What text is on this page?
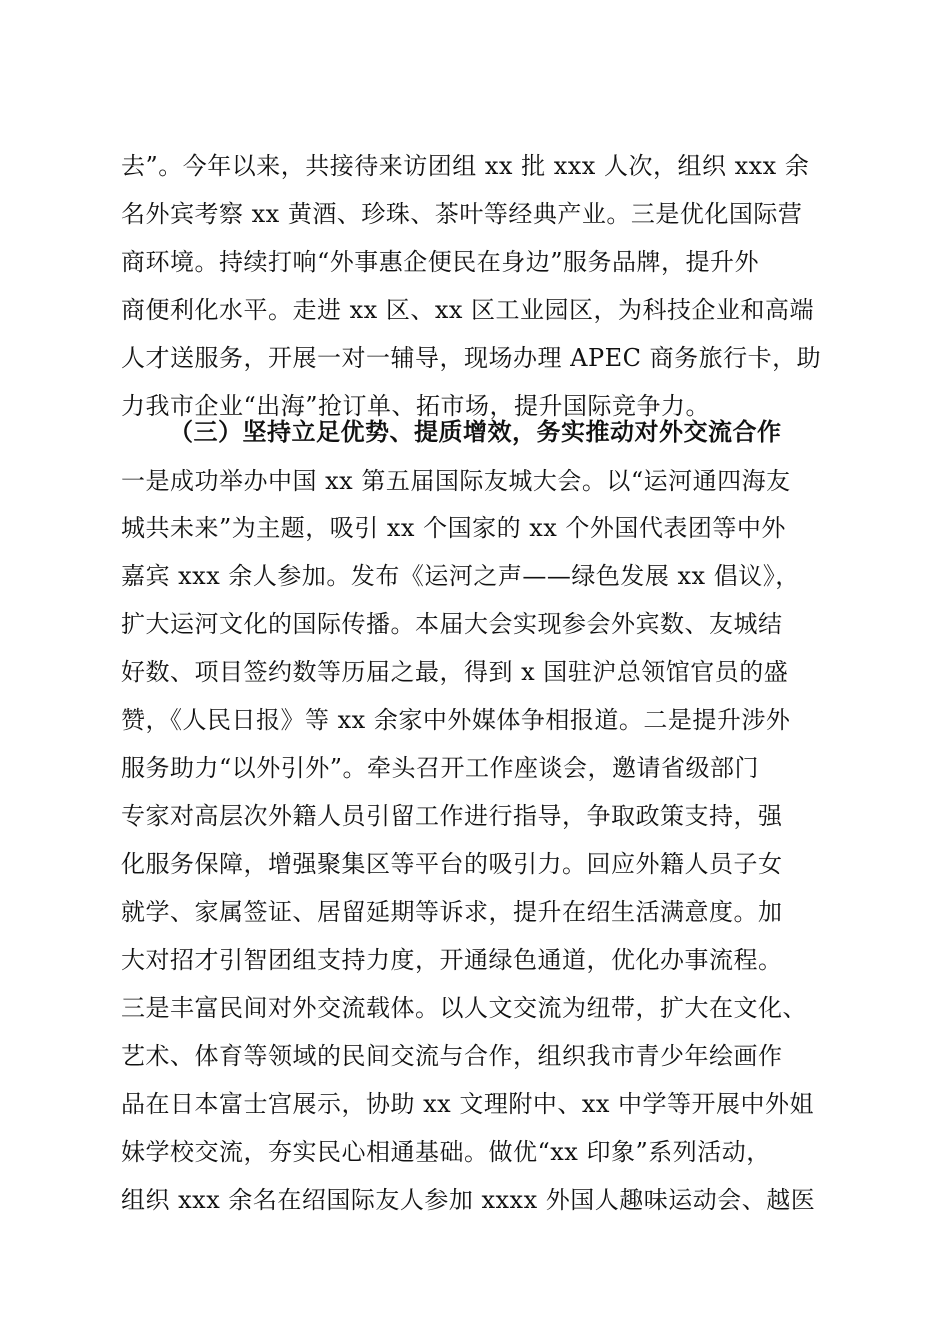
去”。今年以来，共接待来访团组 xx 批 xxx 人次，组织 xxx 余
名外宾考察 xx 黄酒、珍珠、茶叶等经典产业。三是优化国际营
商环境。持续打响“外事惠企便民在身边”服务品牌，提升外
商便利化水平。走进 xx 区、xx 区工业园区，为科技企业和高端
人才送服务，开展一对一辅导，现场办理 APEC 商务旅行卡，助
力我市企业“出海”抢订单、拓市场，提升国际竞争力。
（三）坚持立足优势、提质增效，务实推动对外交流合作
一是成功举办中国 xx 第五届国际友城大会。以“运河通四海友
城共未来”为主题，吸引 xx 个国家的 xx 个外国代表团等中外
嘉宾 xxx 余人参加。发布《运河之声——绿色发展 xx 倡议》，
扩大运河文化的国际传播。本届大会实现参会外宾数、友城结
好数、项目签约数等历届之最，得到 x 国驻沪总领馆官员的盛
赞，《人民日报》等 xx 余家中外媒体争相报道。二是提升涉外
服务助力“以外引外”。牵头召开工作座谈会，邀请省级部门
专家对高层次外籍人员引留工作进行指导，争取政策支持，强
化服务保障，增强聚集区等平台的吸引力。回应外籍人员子女
就学、家属签证、居留延期等诉求，提升在绍生活满意度。加
大对招才引智团组支持力度，开通绿色通道，优化办事流程。
三是丰富民间对外交流载体。以人文交流为纽带，扩大在文化、
艺术、体育等领域的民间交流与合作，组织我市青少年绘画作
品在日本富士宫展示，协助 xx 文理附中、xx 中学等开展中外姐
妹学校交流，夯实民心相通基础。做优“xx 印象”系列活动，
组织 xxx 余名在绍国际友人参加 xxxx 外国人趣味运动会、越医
